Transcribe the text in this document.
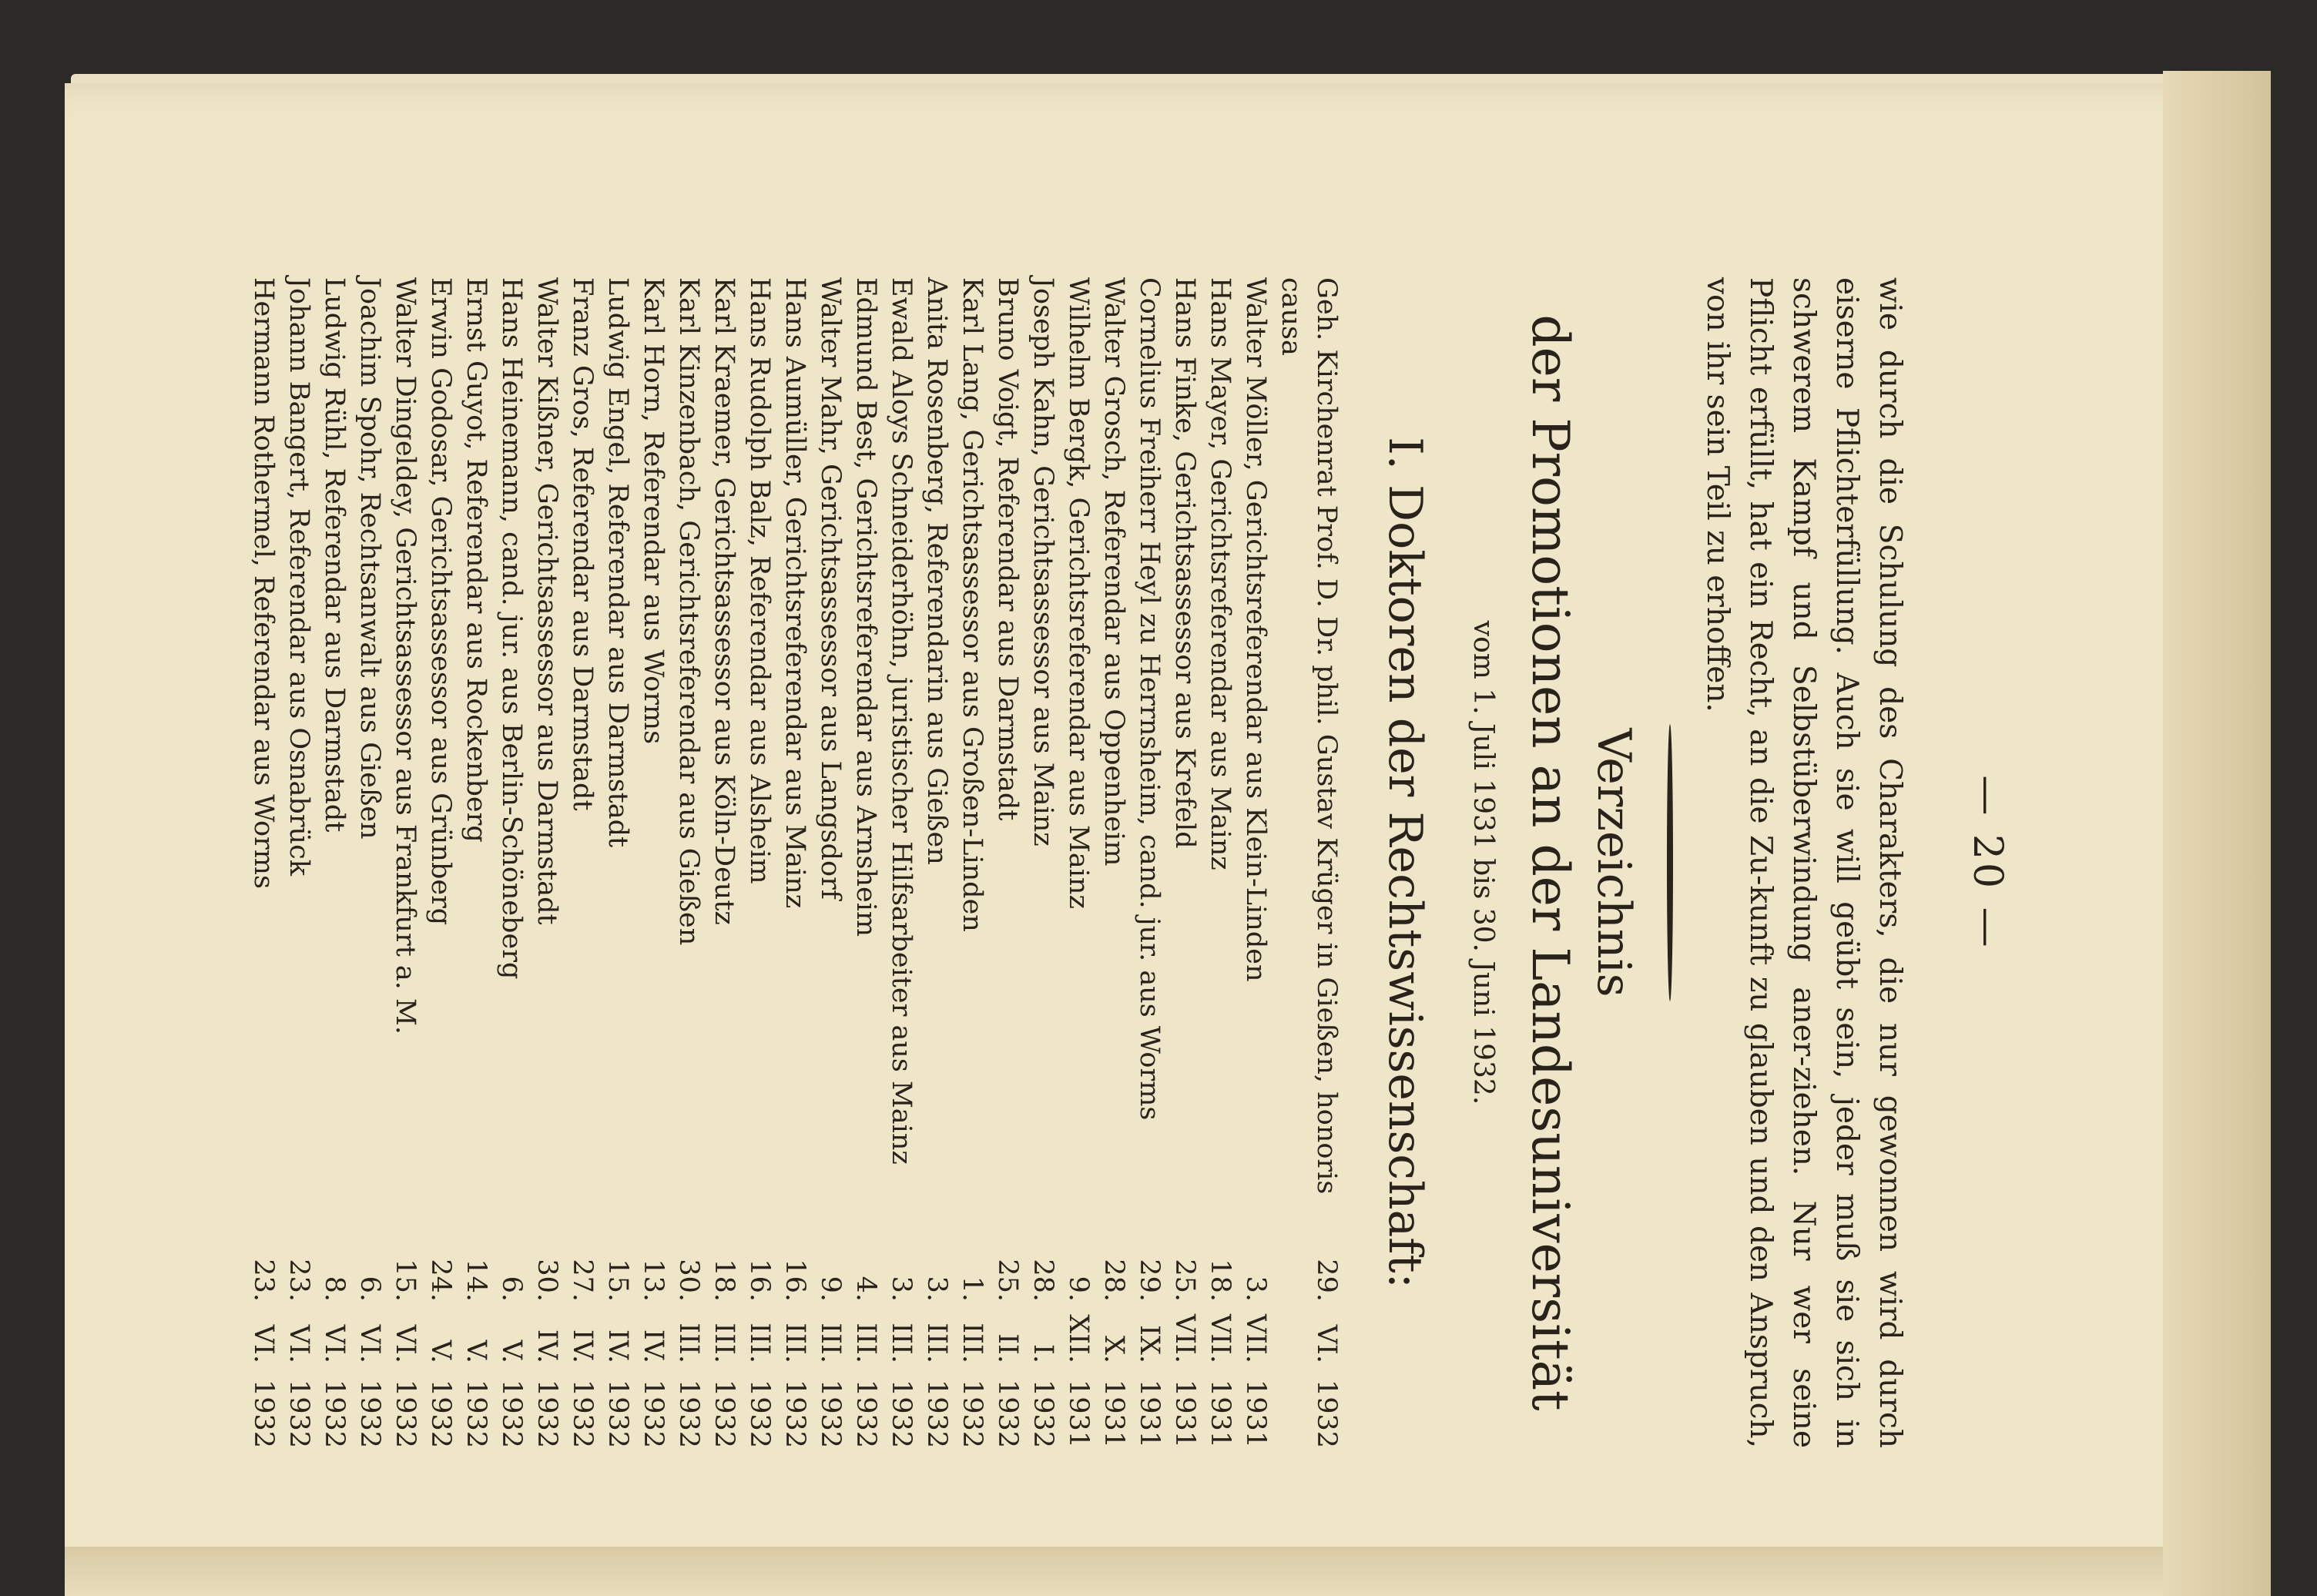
— 20 —

wie durch die Schulung des Charakters, die nur gewonnen wird durch eiserne Pflichterfüllung. Auch sie will geübt sein, jeder muß sie sich in schwerem Kampf und Selbstüberwindung aner-ziehen. Nur wer seine Pflicht erfüllt, hat ein Recht, an die Zu-kunft zu glauben und den Anspruch, von ihr sein Teil zu erhoffen.

Verzeichnis
der Promotionen an der Landesuniversität
vom 1. Juli 1931 bis 30. Juni 1932.
I. Doktoren der Rechtswissenschaft:
Geh. Kirchenrat Prof. D. Dr. phil. Gustav Krüger in Gießen, honoris causa
29.
VI.
1932
Walter Möller, Gerichtsreferendar aus Klein-Linden
3.
VII.
1931
Hans Mayer, Gerichtsreferendar aus Mainz
18.
VII.
1931
Hans Finke, Gerichtsassessor aus Krefeld
25.
VII.
1931
Cornelius Freiherr Heyl zu Herrnsheim, cand. jur. aus Worms
29.
IX.
1931
Walter Grosch, Referendar aus Oppenheim
28.
X.
1931
Wilhelm Bergk, Gerichtsreferendar aus Mainz
9.
XII.
1931
Joseph Kahn, Gerichtsassessor aus Mainz
28.
I.
1932
Bruno Voigt, Referendar aus Darmstadt
25.
II.
1932
Karl Lang, Gerichtsassessor aus Großen-Linden
1.
III.
1932
Anita Rosenberg, Referendarin aus Gießen
3.
III.
1932
Ewald Aloys Schneiderhöhn, juristischer Hilfsarbeiter aus Mainz
3.
III.
1932
Edmund Best, Gerichtsreferendar aus Arnsheim
4.
III.
1932
Walter Mahr, Gerichtsassessor aus Langsdorf
9.
III.
1932
Hans Aumüller, Gerichtsreferendar aus Mainz
16.
III.
1932
Hans Rudolph Balz, Referendar aus Alsheim
16.
III.
1932
Karl Kraemer, Gerichtsassessor aus Köln-Deutz
18.
III.
1932
Karl Kinzenbach, Gerichtsreferendar aus Gießen
30.
III.
1932
Karl Horn, Referendar aus Worms
13.
IV.
1932
Ludwig Engel, Referendar aus Darmstadt
15.
IV.
1932
Franz Gros, Referendar aus Darmstadt
27.
IV.
1932
Walter Kißner, Gerichtsassessor aus Darmstadt
30.
IV.
1932
Hans Heinemann, cand. jur. aus Berlin-Schöneberg
6.
V.
1932
Ernst Guyot, Referendar aus Rockenberg
14.
V.
1932
Erwin Godosar, Gerichtsassessor aus Grünberg
24.
V.
1932
Walter Dingeldey, Gerichtsassessor aus Frankfurt a. M.
15.
VI.
1932
Joachim Spohr, Rechtsanwalt aus Gießen
6.
VI.
1932
Ludwig Rühl, Referendar aus Darmstadt
8.
VI.
1932
Johann Bangert, Referendar aus Osnabrück
23.
VI.
1932
Hermann Rothermel, Referendar aus Worms
23.
VI.
1932
